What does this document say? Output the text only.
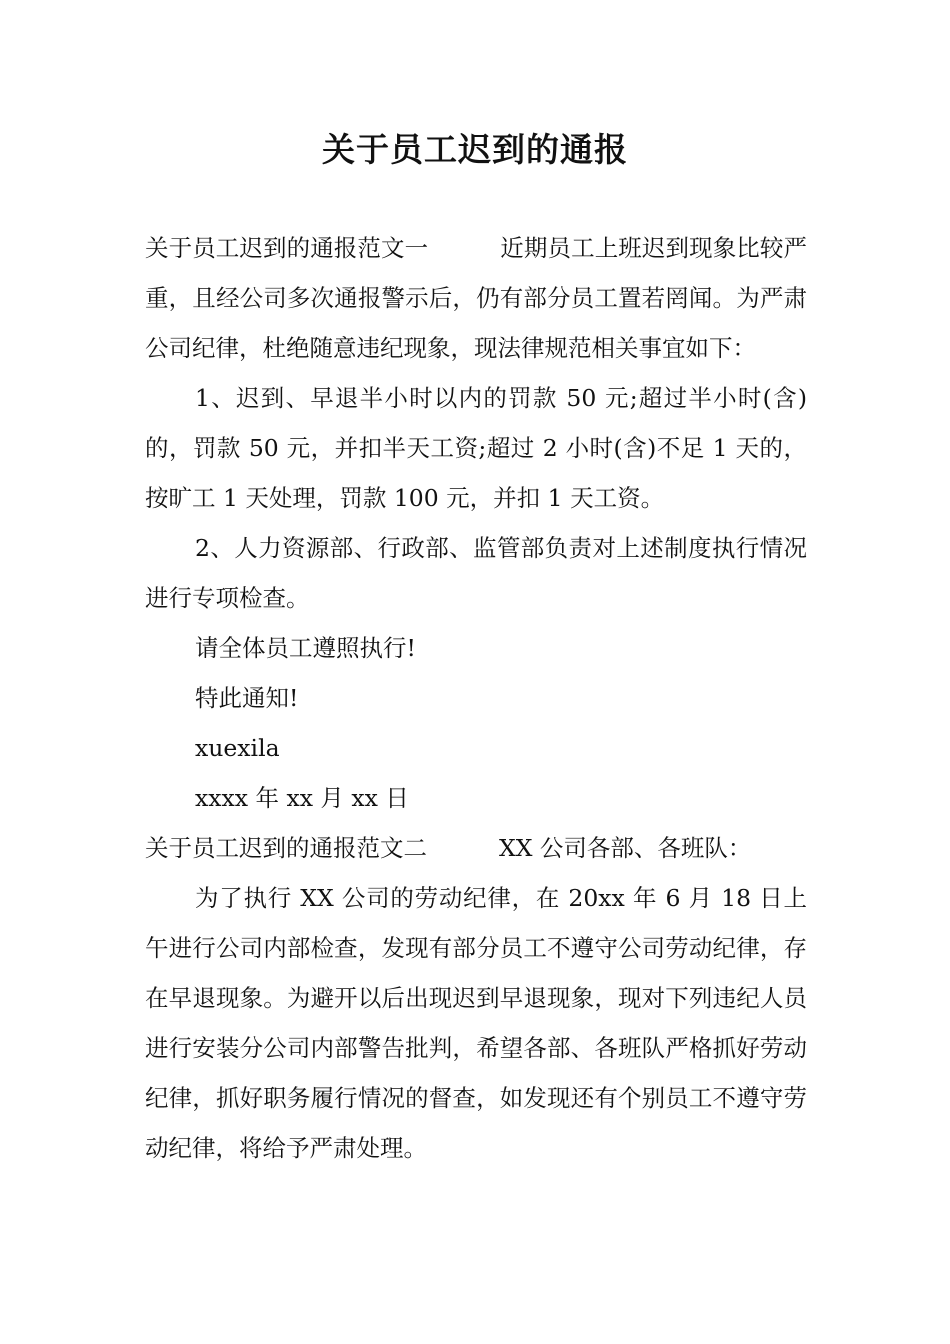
关于员工迟到的通报

关于员工迟到的通报范文一	近期员工上班迟到现象比较严重，且经公司多次通报警示后，仍有部分员工置若罔闻。为严肃公司纪律，杜绝随意违纪现象，现法律规范相关事宜如下：

1、迟到、早退半小时以内的罚款 50 元;超过半小时(含)的，罚款 50 元，并扣半天工资;超过 2 小时(含)不足 1 天的，按旷工 1 天处理，罚款 100 元，并扣 1 天工资。

2、人力资源部、行政部、监管部负责对上述制度执行情况进行专项检查。

请全体员工遵照执行!

特此通知!

xuexila

xxxx 年 xx 月 xx 日

关于员工迟到的通报范文二	XX 公司各部、各班队：

为了执行 XX 公司的劳动纪律，在 20xx 年 6 月 18 日上午进行公司内部检查，发现有部分员工不遵守公司劳动纪律，存在早退现象。为避开以后出现迟到早退现象，现对下列违纪人员进行安装分公司内部警告批判，希望各部、各班队严格抓好劳动纪律，抓好职务履行情况的督查，如发现还有个别员工不遵守劳动纪律，将给予严肃处理。
